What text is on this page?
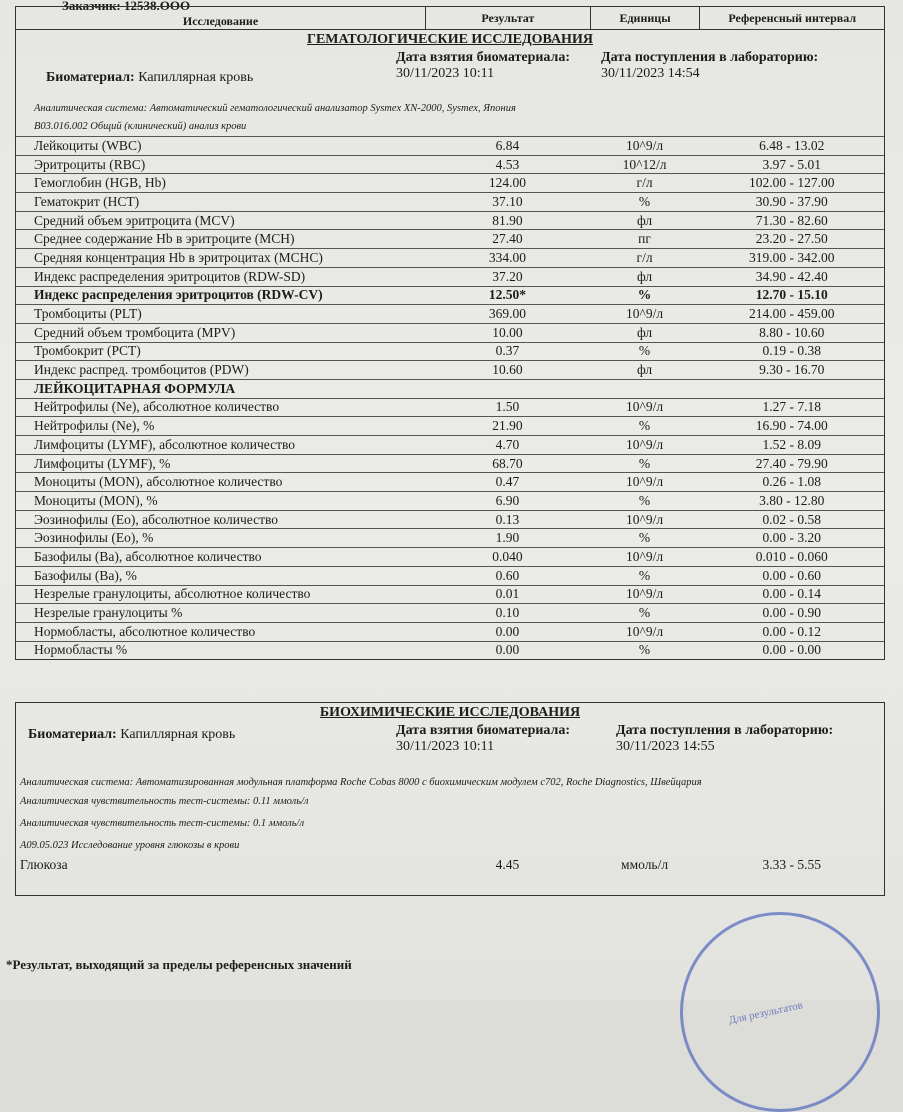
Заказчик: 12538.ООО
Исследование	Результат	Единицы	Референсный интервал
ГЕМАТОЛОГИЧЕСКИЕ ИССЛЕДОВАНИЯ
Биоматериал: Капиллярная кровь
Дата взятия биоматериала:
30/11/2023 10:11
Дата поступления в лабораторию:
30/11/2023 14:54
Аналитическая система: Автоматический гематологический анализатор Sysmex XN-2000, Sysmex, Япония
B03.016.002 Общий (клинический) анализ крови
Лейкоциты (WBC)	6.84	10^9/л	6.48 - 13.02
Эритроциты (RBC)	4.53	10^12/л	3.97 - 5.01
Гемоглобин (HGB, Hb)	124.00	г/л	102.00 - 127.00
Гематокрит (HCT)	37.10	%	30.90 - 37.90
Средний объем эритроцита (MCV)	81.90	фл	71.30 - 82.60
Среднее содержание Hb в эритроците (MCH)	27.40	пг	23.20 - 27.50
Средняя концентрация Hb в эритроцитах (MCHC)	334.00	г/л	319.00 - 342.00
Индекс распределения эритроцитов (RDW-SD)	37.20	фл	34.90 - 42.40
Индекс распределения эритроцитов (RDW-CV)	12.50*	%	12.70 - 15.10
Тромбоциты (PLT)	369.00	10^9/л	214.00 - 459.00
Средний объем тромбоцита (MPV)	10.00	фл	8.80 - 10.60
Тромбокрит (PCT)	0.37	%	0.19 - 0.38
Индекс распред. тромбоцитов (PDW)	10.60	фл	9.30 - 16.70
ЛЕЙКОЦИТАРНАЯ ФОРМУЛА
Нейтрофилы (Ne), абсолютное количество	1.50	10^9/л	1.27 - 7.18
Нейтрофилы (Ne), %	21.90	%	16.90 - 74.00
Лимфоциты (LYMF), абсолютное количество	4.70	10^9/л	1.52 - 8.09
Лимфоциты (LYMF), %	68.70	%	27.40 - 79.90
Моноциты (MON), абсолютное количество	0.47	10^9/л	0.26 - 1.08
Моноциты (MON), %	6.90	%	3.80 - 12.80
Эозинофилы (Eo), абсолютное количество	0.13	10^9/л	0.02 - 0.58
Эозинофилы (Eo), %	1.90	%	0.00 - 3.20
Базофилы (Ba), абсолютное количество	0.040	10^9/л	0.010 - 0.060
Базофилы (Ba), %	0.60	%	0.00 - 0.60
Незрелые гранулоциты, абсолютное количество	0.01	10^9/л	0.00 - 0.14
Незрелые гранулоциты %	0.10	%	0.00 - 0.90
Нормобласты, абсолютное количество	0.00	10^9/л	0.00 - 0.12
Нормобласты %	0.00	%	0.00 - 0.00
БИОХИМИЧЕСКИЕ ИССЛЕДОВАНИЯ
Биоматериал: Капиллярная кровь	Дата взятия биоматериала:
30/11/2023 10:11
Дата поступления в лабораторию:
30/11/2023 14:55
Аналитическая система: Автоматизированная модульная платформа Roche Cobas 8000 с биохимическим модулем c702, Roche Diagnostics, Швейцария
Аналитическая чувствительность тест-системы: 0.11 ммоль/л
Аналитическая чувствительность тест-системы: 0.1 ммоль/л
A09.05.023 Исследование уровня глюкозы в крови
Глюкоза	4.45	ммоль/л	3.33 - 5.55
*Результат, выходящий за пределы референсных значений
Для результатов
